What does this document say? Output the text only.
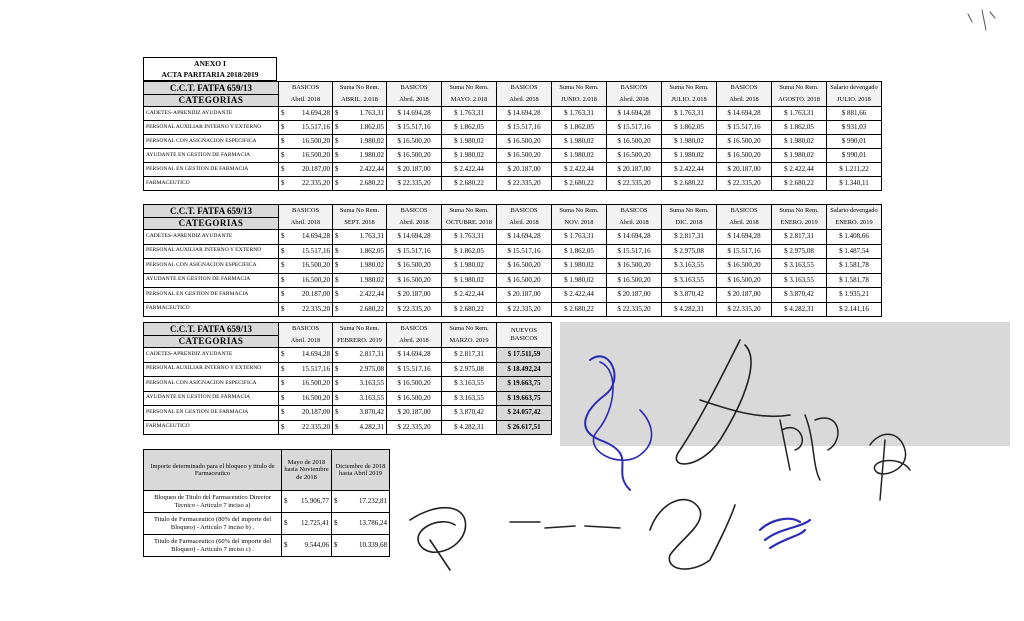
ANEXO I
ACTA PARITARIA 2018/2019
C.C.T. FATFA 659/13	BASICOS		Suma No Rem.		BASICOS	Suma No Rem.	BASICOS	Suma No Rem.	BASICOS	Suma No Rem.	BASICOS	Suma No Rem.	Salario devengado
CATEGORIAS	Abril. 2018		ABRIL. 2.018		Abril. 2018	MAYO. 2.018	Abril. 2018	JUNIO. 2.018	Abril. 2018	JULIO. 2.018	Abril. 2018	AGOSTO. 2018	JULIO. 2018
CADETES-APRENDIZ AYUDANTE	$	14.694,28	$	1.763,31	$ 14.694,28	$ 1.763,31	$ 14.694,28	$ 1.763,31	$ 14.694,28	$ 1.763,31	$ 14.694,28	$ 1.763,31	$ 881,66
PERSONAL AUXILIAR INTERNO Y EXTERNO	$	15.517,16	$	1.862,05	$ 15.517,16	$ 1.862,05	$ 15.517,16	$ 1.862,05	$ 15.517,16	$ 1.862,05	$ 15.517,16	$ 1.862,05	$ 931,03
PERSONAL CON ASIGNACION ESPECIFICA	$	16.500,20	$	1.980,02	$ 16.500,20	$ 1.980,02	$ 16.500,20	$ 1.980,02	$ 16.500,20	$ 1.980,02	$ 16.500,20	$ 1.980,02	$ 990,01
AYUDANTE EN GESTION DE FARMACIA	$	16.500,20	$	1.980,02	$ 16.500,20	$ 1.980,02	$ 16.500,20	$ 1.980,02	$ 16.500,20	$ 1.980,02	$ 16.500,20	$ 1.980,02	$ 990,01
PERSONAL EN GESTION DE FARMACIA	$	20.187,00	$	2.422,44	$ 20.187,00	$ 2.422,44	$ 20.187,00	$ 2.422,44	$ 20.187,00	$ 2.422,44	$ 20.187,00	$ 2.422,44	$ 1.211,22
FARMACEUTICO	$	22.335,20	$	2.680,22	$ 22.335,20	$ 2.680,22	$ 22.335,20	$ 2.680,22	$ 22.335,20	$ 2.680,22	$ 22.335,20	$ 2.680,22	$ 1.340,11
C.C.T. FATFA 659/13	BASICOS		Suma No Rem.		BASICOS	Suma No Rem.	BASICOS	Suma No Rem.	BASICOS	Suma No Rem.	BASICOS	Suma No Rem.	Salario devengado
CATEGORIAS	Abril. 2018		SEPT. 2018		Abril. 2018	OCTUBRE. 2018	Abril. 2018	NOV. 2018	Abril. 2018	DIC. 2018	Abril. 2018	ENERO. 2019	ENERO. 2019
CADETES-APRENDIZ AYUDANTE	$	14.694,28	$	1.763,31	$ 14.694,28	$ 1.763,31	$ 14.694,28	$ 1.763,31	$ 14.694,28	$ 2.817,31	$ 14.694,28	$ 2.817,31	$ 1.408,66
PERSONAL AUXILIAR INTERNO Y EXTERNO	$	15.517,16	$	1.862,05	$ 15.517,16	$ 1.862,05	$ 15.517,16	$ 1.862,05	$ 15.517,16	$ 2.975,08	$ 15.517,16	$ 2.975,08	$ 1.487,54
PERSONAL CON ASIGNACION ESPECIFICA	$	16.500,20	$	1.980,02	$ 16.500,20	$ 1.980,02	$ 16.500,20	$ 1.980,02	$ 16.500,20	$ 3.163,55	$ 16.500,20	$ 3.163,55	$ 1.581,78
AYUDANTE EN GESTION DE FARMACIA	$	16.500,20	$	1.980,02	$ 16.500,20	$ 1.980,02	$ 16.500,20	$ 1.980,02	$ 16.500,20	$ 3.163,55	$ 16.500,20	$ 3.163,55	$ 1.581,78
PERSONAL EN GESTION DE FARMACIA	$	20.187,00	$	2.422,44	$ 20.187,00	$ 2.422,44	$ 20.187,00	$ 2.422,44	$ 20.187,00	$ 3.870,42	$ 20.187,00	$ 3.870,42	$ 1.935,21
FARMACEUTICO	$	22.335,20	$	2.680,22	$ 22.335,20	$ 2.680,22	$ 22.335,20	$ 2.680,22	$ 22.335,20	$ 4.282,31	$ 22.335,20	$ 4.282,31	$ 2.141,16
C.C.T. FATFA 659/13	BASICOS		Suma No Rem.		BASICOS	Suma No Rem.	NUEVOS BASICOS
CATEGORIAS	Abril. 2018		FEBRERO. 2019		Abril. 2018	MARZO. 2019	
CADETES-APRENDIZ AYUDANTE	$	14.694,28	$	2.817,31	$ 14.694,28	$ 2.817,31	$ 17.511,59
PERSONAL AUXILIAR INTERNO Y EXTERNO	$	15.517,16	$	2.975,08	$ 15.517,16	$ 2.975,08	$ 18.492,24
PERSONAL CON ASIGNACION ESPECIFICA	$	16.500,20	$	3.163,55	$ 16.500,20	$ 3.163,55	$ 19.663,75
AYUDANTE EN GESTION DE FARMACIA	$	16.500,20	$	3.163,55	$ 16.500,20	$ 3.163,55	$ 19.663,75
PERSONAL EN GESTION DE FARMACIA	$	20.187,00	$	3.870,42	$ 20.187,00	$ 3.870,42	$ 24.057,42
FARMACEUTICO	$	22.335,20	$	4.282,31	$ 22.335,20	$ 4.282,31	$ 26.617,51
Importe determinado para el bloqueo y titulo de Farmaceutico	Mayo de 2018 hasta Noviembre de 2018		Diciembre de 2018 hasta Abril 2019	
Bloqueo de Titulo del Farmaceutico Director Tecnico - Articulo 7 inciso a)	$	15.906,77	$	17.232,81
Titulo de Farmaceutico (80% del importe del Bloqueo) - Articulo 7 inciso b) .	$	12.725,41	$	13.786,24
Titulo de Farmaceutico (60% del importe del Bloqueo) - Articulo 7 inciso c) .	$	9.544,06	$	10.339,68
